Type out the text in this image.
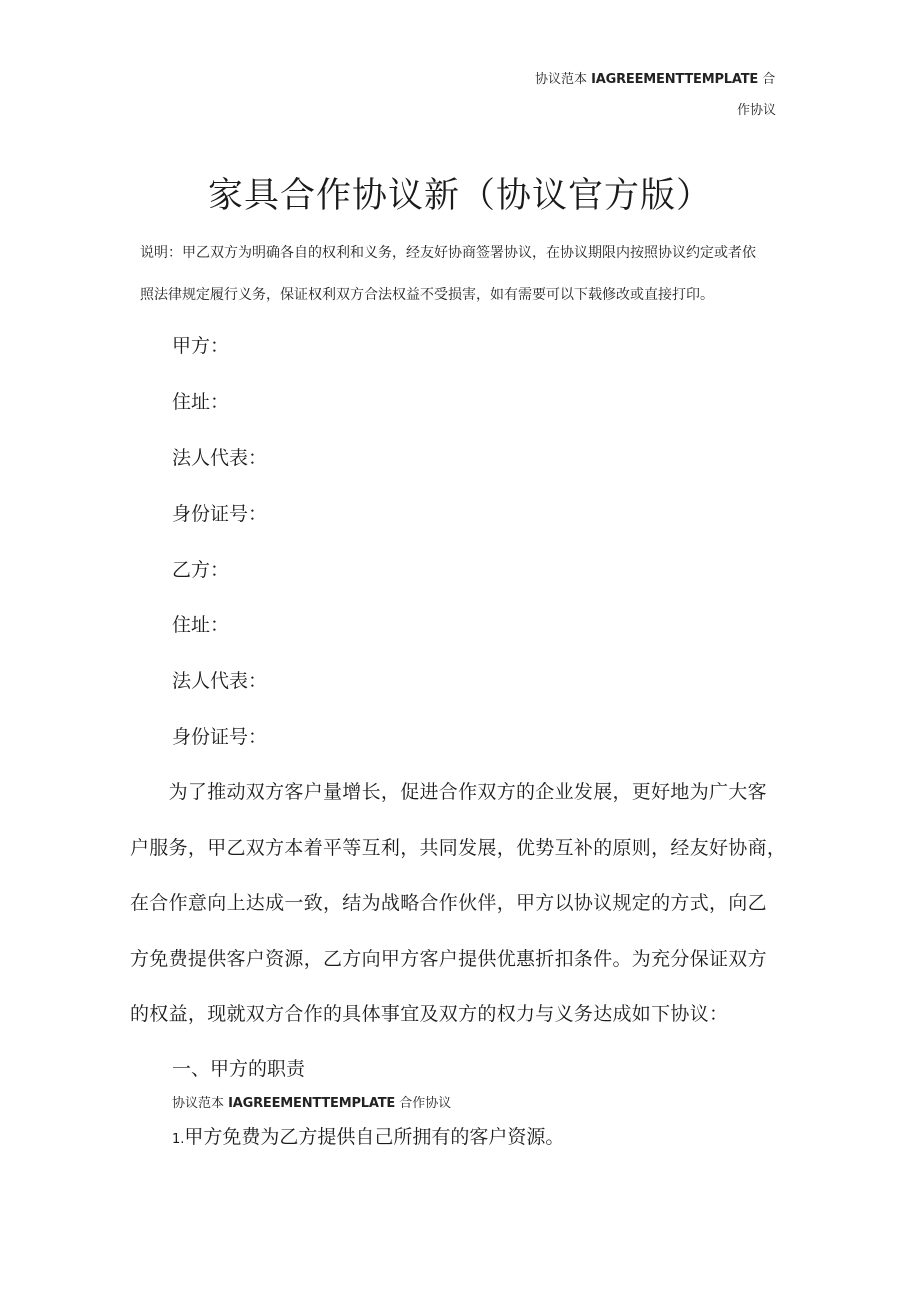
协议范本 IAGREEMENTTEMPLATE 合
作协议
家具合作协议新（协议官方版）
说明：甲乙双方为明确各自的权利和义务，经友好协商签署协议，在协议期限内按照协议约定或者依
照法律规定履行义务，保证权利双方合法权益不受损害，如有需要可以下载修改或直接打印。
甲方：
住址：
法人代表：
身份证号：
乙方：
住址：
法人代表：
身份证号：
　　为了推动双方客户量增长，促进合作双方的企业发展，更好地为广大客
户服务，甲乙双方本着平等互利，共同发展，优势互补的原则，经友好协商，
在合作意向上达成一致，结为战略合作伙伴，甲方以协议规定的方式，向乙
方免费提供客户资源，乙方向甲方客户提供优惠折扣条件。为充分保证双方
的权益，现就双方合作的具体事宜及双方的权力与义务达成如下协议：
一、甲方的职责
协议范本 IAGREEMENTTEMPLATE 合作协议
1.甲方免费为乙方提供自己所拥有的客户资源。
